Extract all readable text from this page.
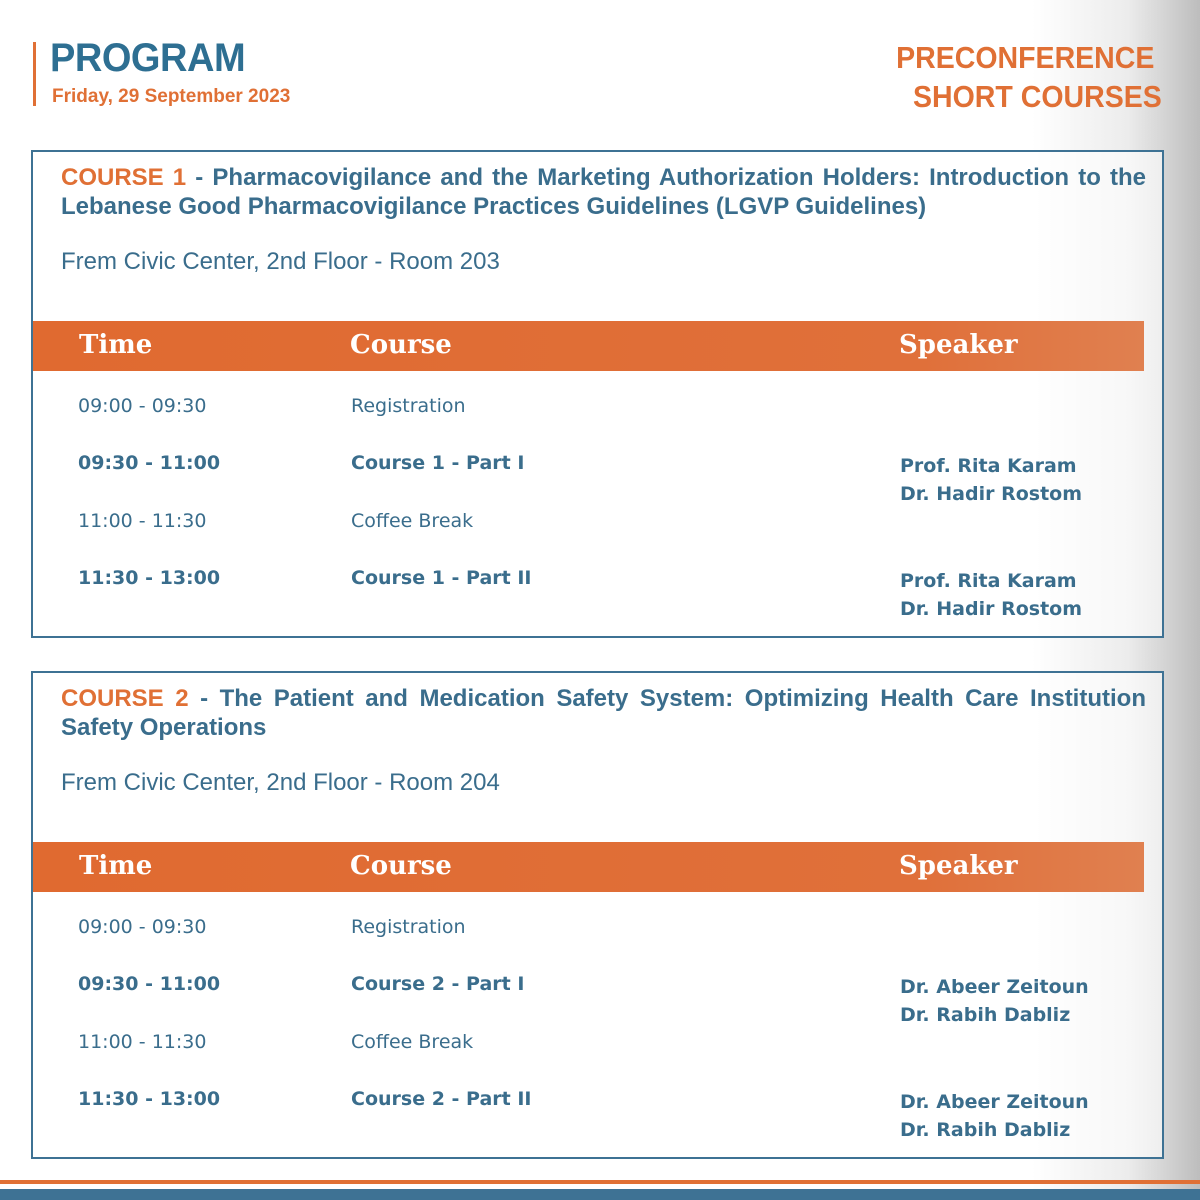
PROGRAM
Friday, 29 September 2023
PRECONFERENCE
SHORT COURSES
COURSE 1 - Pharmacovigilance and the Marketing Authorization Holders: Introduction to the Lebanese Good Pharmacovigilance Practices Guidelines (LGVP Guidelines)
Frem Civic Center, 2nd Floor - Room 203
Time	Course	Speaker
09:00 - 09:30	Registration
09:30 - 11:00	Course 1 - Part I	Prof. Rita Karam
Dr. Hadir Rostom
11:00 - 11:30	Coffee Break
11:30 - 13:00	Course 1 - Part II	Prof. Rita Karam
Dr. Hadir Rostom
COURSE 2 - The Patient and Medication Safety System: Optimizing Health Care Institution Safety Operations
Frem Civic Center, 2nd Floor - Room 204
Time	Course	Speaker
09:00 - 09:30	Registration
09:30 - 11:00	Course 2 - Part I	Dr. Abeer Zeitoun
Dr. Rabih Dabliz
11:00 - 11:30	Coffee Break
11:30 - 13:00	Course 2 - Part II	Dr. Abeer Zeitoun
Dr. Rabih Dabliz
